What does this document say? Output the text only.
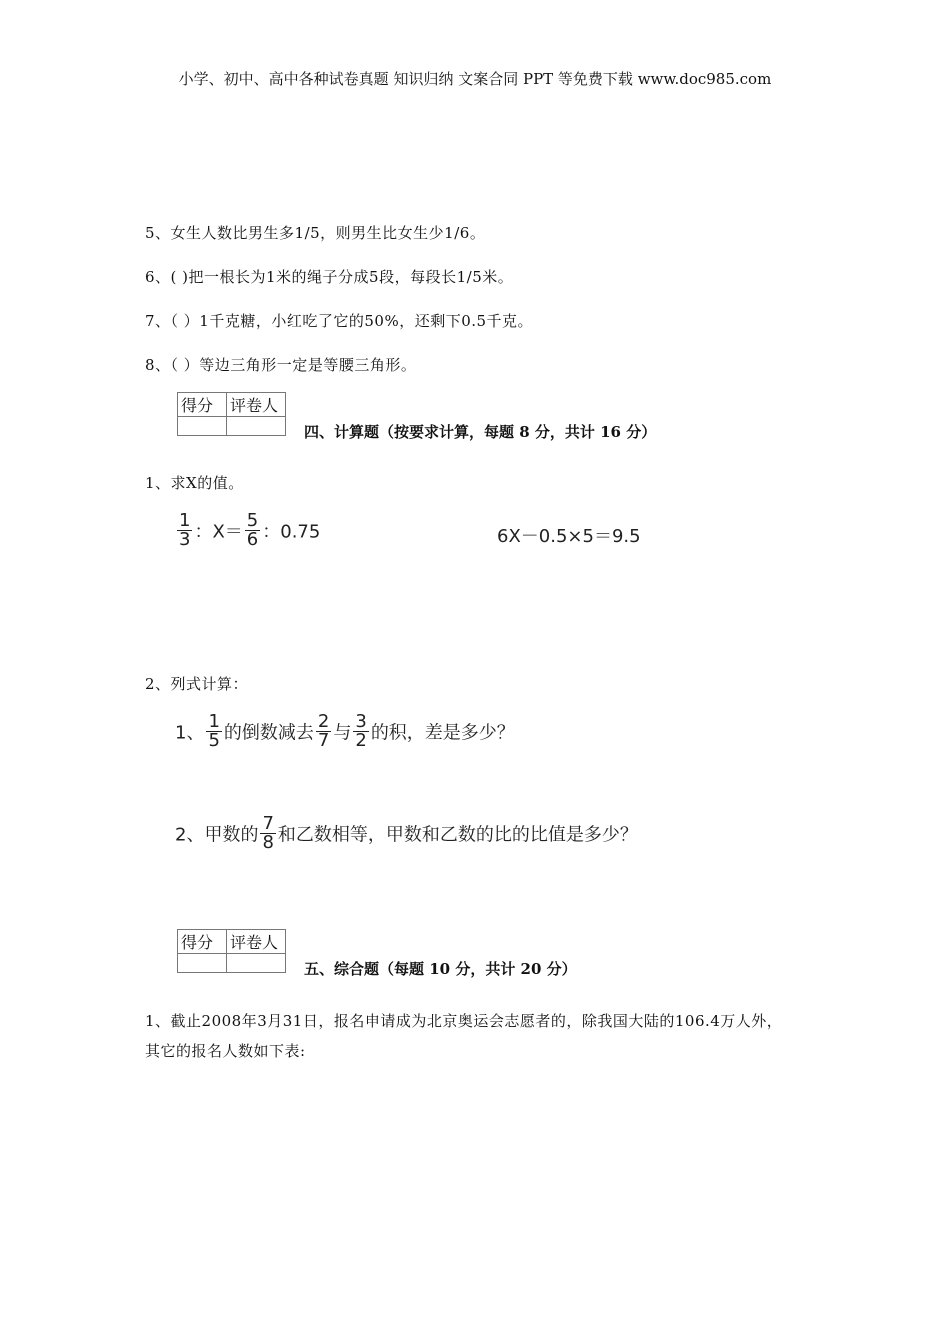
小学、初中、高中各种试卷真题 知识归纳 文案合同 PPT 等免费下载 www.doc985.com
5、女生人数比男生多1/5，则男生比女生少1/6。
6、( )把一根长为1米的绳子分成5段，每段长1/5米。
7、（ ）1千克糖，小红吃了它的50%，还剩下0.5千克。
8、（ ）等边三角形一定是等腰三角形。
得分	评卷人

四、计算题（按要求计算，每题 8 分，共计 16 分）
1、求X的值。
$\frac{1}{3}$ ：$X= \frac{5}{6}$ ：0.75	6X－0.5×5＝9.5
2、列式计算：
1、 $\frac{1}{5}$ 的倒数减去 $\frac{2}{7}$ 与 $\frac{3}{2}$ 的积，差是多少？
2、甲数的 $\frac{7}{8}$ 和乙数相等，甲数和乙数的比的比值是多少？
得分	评卷人

五、综合题（每题 10 分，共计 20 分）
1、截止2008年3月31日，报名申请成为北京奥运会志愿者的，除我国大陆的106.4万人外，
其它的报名人数如下表:
